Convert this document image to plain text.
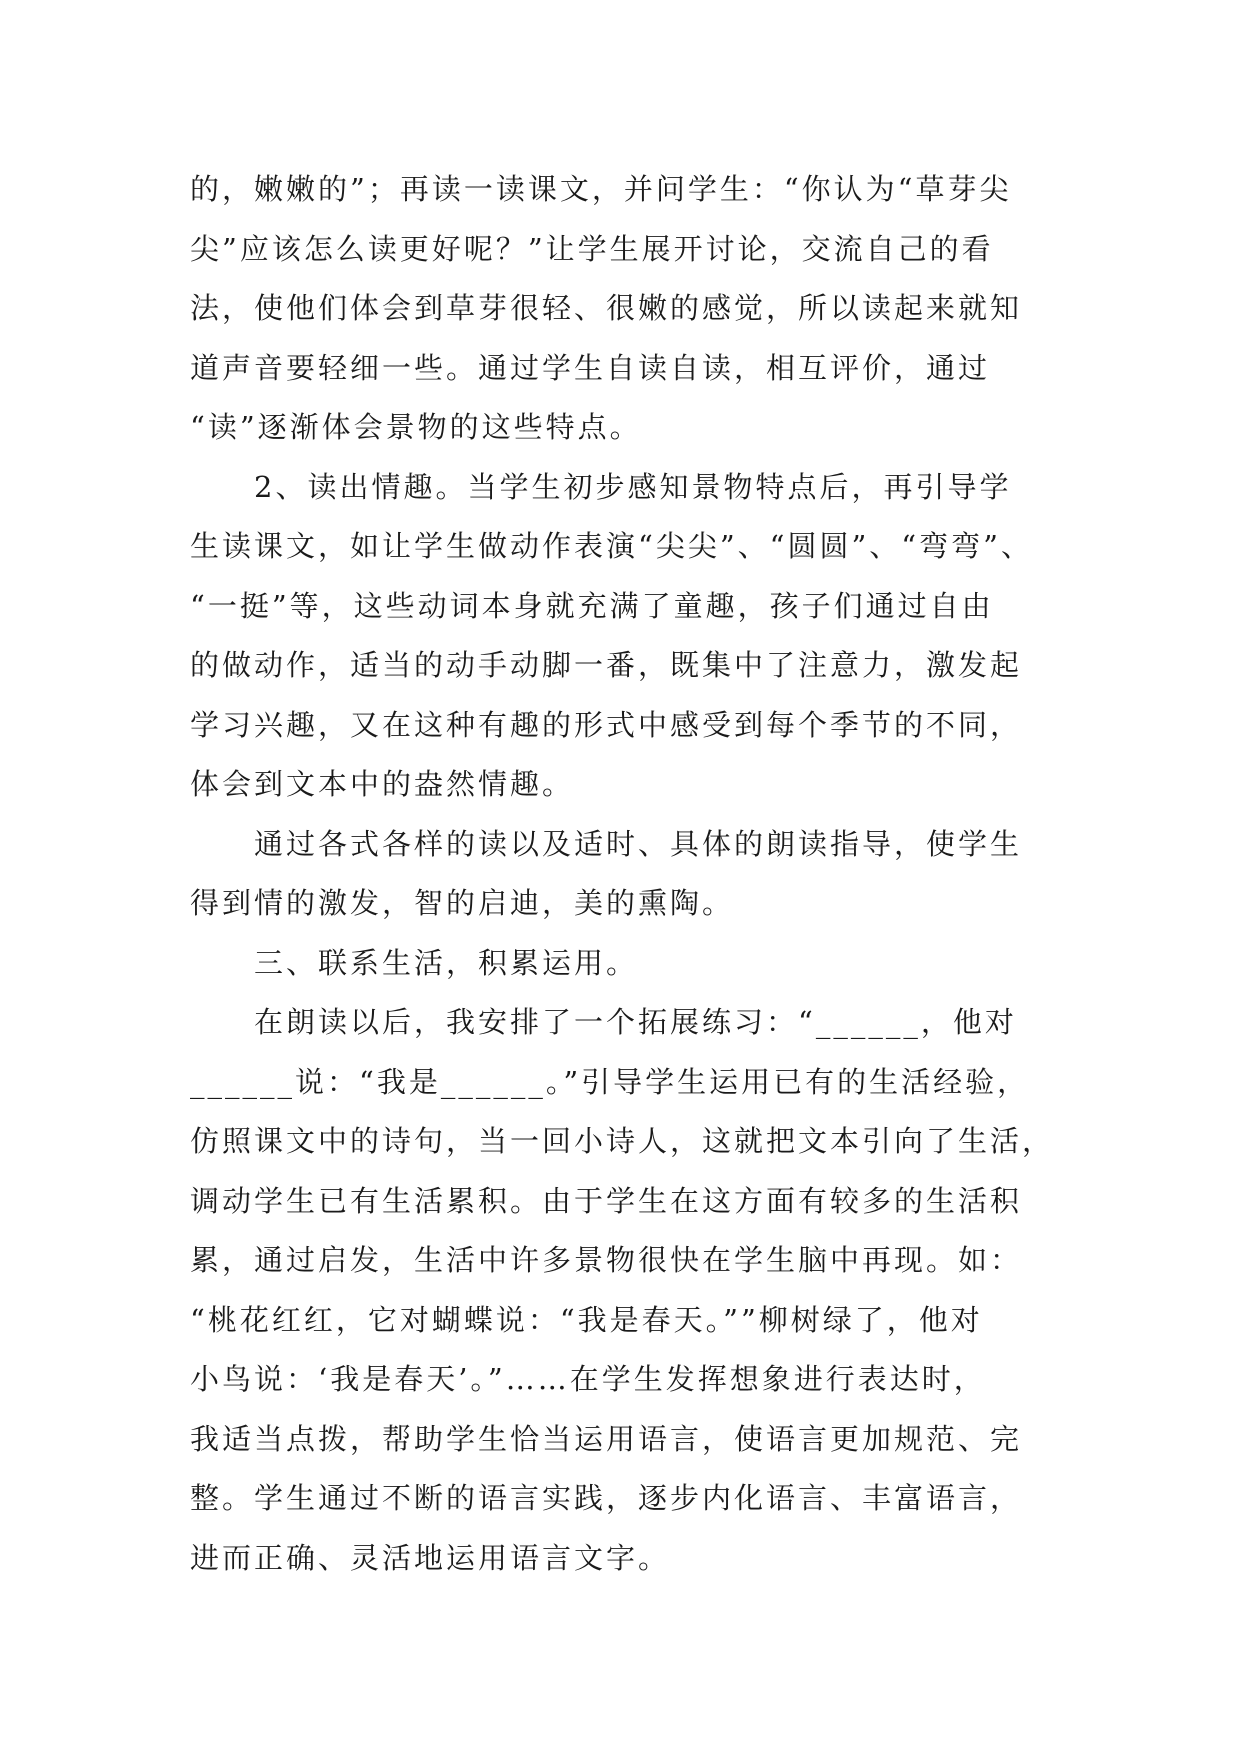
的，嫩嫩的”；再读一读课文，并问学生：“你认为“草芽尖
尖”应该怎么读更好呢？”让学生展开讨论，交流自己的看
法，使他们体会到草芽很轻、很嫩的感觉，所以读起来就知
道声音要轻细一些。通过学生自读自读，相互评价，通过
“读”逐渐体会景物的这些特点。

2、读出情趣。当学生初步感知景物特点后，再引导学
生读课文，如让学生做动作表演“尖尖”、“圆圆”、“弯弯”、
“一挺”等，这些动词本身就充满了童趣，孩子们通过自由
的做动作，适当的动手动脚一番，既集中了注意力，激发起
学习兴趣，又在这种有趣的形式中感受到每个季节的不同，
体会到文本中的盎然情趣。

通过各式各样的读以及适时、具体的朗读指导，使学生
得到情的激发，智的启迪，美的熏陶。

三、联系生活，积累运用。

在朗读以后，我安排了一个拓展练习：“______，他对
______说：“我是______。”引导学生运用已有的生活经验，
仿照课文中的诗句，当一回小诗人，这就把文本引向了生活，
调动学生已有生活累积。由于学生在这方面有较多的生活积
累，通过启发，生活中许多景物很快在学生脑中再现。如：
“桃花红红，它对蝴蝶说：“我是春天。””柳树绿了，他对
小鸟说：‘我是春天’。”……在学生发挥想象进行表达时，
我适当点拨，帮助学生恰当运用语言，使语言更加规范、完
整。学生通过不断的语言实践，逐步内化语言、丰富语言，
进而正确、灵活地运用语言文字。
